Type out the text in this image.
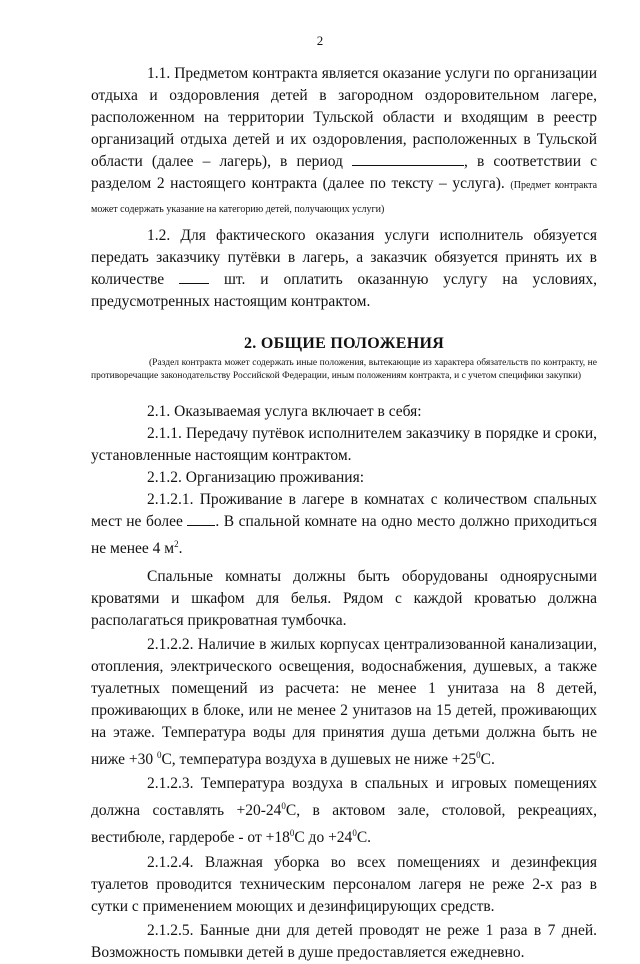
2

1.1. Предметом контракта является оказание услуги по организации отдыха и оздоровления детей в загородном оздоровительном лагере, расположенном на территории Тульской области и входящим в реестр организаций отдыха детей и их оздоровления, расположенных в Тульской области (далее – лагерь), в период	, в соответствии с разделом 2 настоящего контракта (далее по тексту – услуга). (Предмет контракта может содержать указание на категорию детей, получающих услуги)

1.2. Для фактического оказания услуги исполнитель обязуется передать заказчику путёвки в лагерь, а заказчик обязуется принять их в количестве	шт. и оплатить оказанную услугу на условиях, предусмотренных настоящим контрактом.

2. ОБЩИЕ ПОЛОЖЕНИЯ
(Раздел контракта может содержать иные положения, вытекающие из характера обязательств по контракту, не противоречащие законодательству Российской Федерации, иным положениям контракта, и с учетом специфики закупки)

2.1. Оказываемая услуга включает в себя:

2.1.1. Передачу путёвок исполнителем заказчику в порядке и сроки, установленные настоящим контрактом.

2.1.2. Организацию проживания:

2.1.2.1. Проживание в лагере в комнатах с количеством спальных мест не более . В спальной комнате на одно место должно приходиться не менее 4 $м^2$.

Спальные комнаты должны быть оборудованы одноярусными кроватями и шкафом для белья. Рядом с каждой кроватью должна располагаться прикроватная тумбочка.

2.1.2.2. Наличие в жилых корпусах централизованной канализации, отопления, электрического освещения, водоснабжения, душевых, а также туалетных помещений из расчета: не менее 1 унитаза на 8 детей, проживающих в блоке, или не менее 2 унитазов на 15 детей, проживающих на этаже. Температура воды для принятия душа детьми должна быть не ниже +30 $^0$С, температура воздуха в душевых не ниже $+25^0С$.

2.1.2.3. Температура воздуха в спальных и игровых помещениях должна составлять $+20-24^0С$, в актовом зале, столовой, рекреациях, вестибюле, гардеробе - от $+18^0С$ до $+24^0С$.

2.1.2.4. Влажная уборка во всех помещениях и дезинфекция туалетов проводится техническим персоналом лагеря не реже 2-х раз в сутки с применением моющих и дезинфицирующих средств.

2.1.2.5. Банные дни для детей проводят не реже 1 раза в 7 дней. Возможность помывки детей в душе предоставляется ежедневно.
